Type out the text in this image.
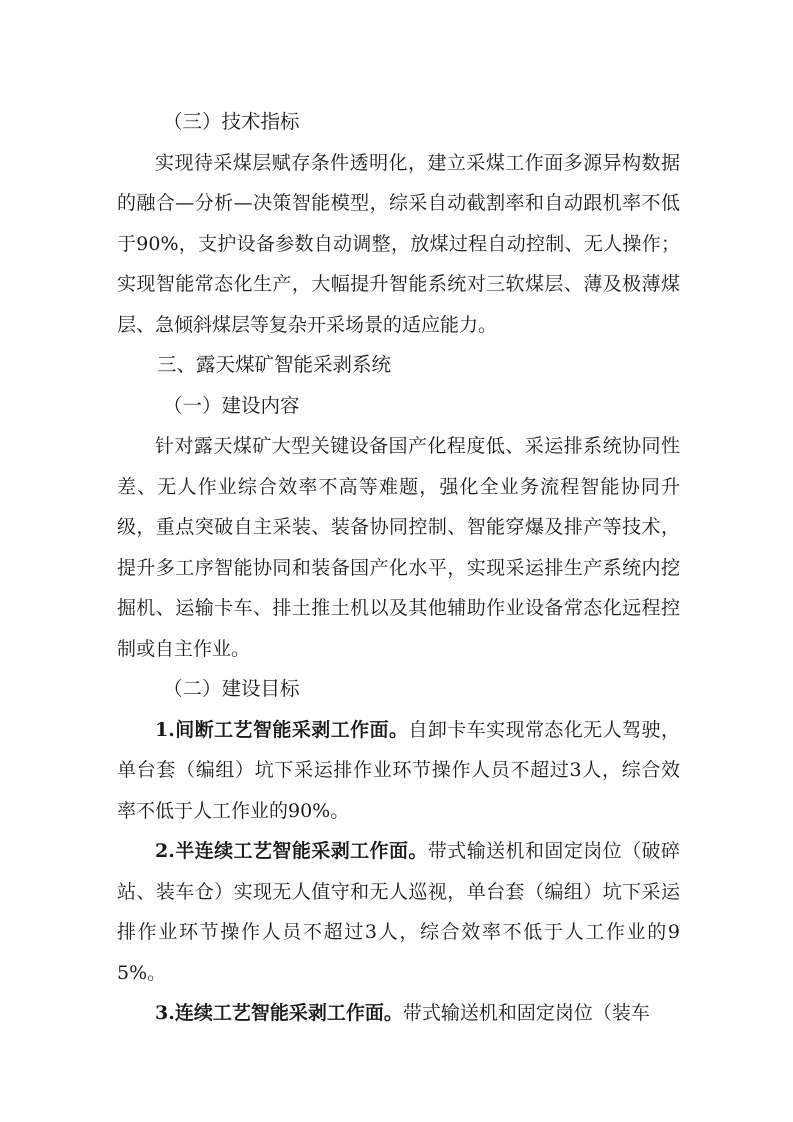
（三）技术指标

实现待采煤层赋存条件透明化，建立采煤工作面多源异构数据的融合—分析—决策智能模型，综采自动截割率和自动跟机率不低于90%，支护设备参数自动调整，放煤过程自动控制、无人操作；实现智能常态化生产，大幅提升智能系统对三软煤层、薄及极薄煤层、急倾斜煤层等复杂开采场景的适应能力。

三、露天煤矿智能采剥系统

（一）建设内容

针对露天煤矿大型关键设备国产化程度低、采运排系统协同性差、无人作业综合效率不高等难题，强化全业务流程智能协同升级，重点突破自主采装、装备协同控制、智能穿爆及排产等技术，提升多工序智能协同和装备国产化水平，实现采运排生产系统内挖掘机、运输卡车、排土推土机以及其他辅助作业设备常态化远程控制或自主作业。

（二）建设目标

1.间断工艺智能采剥工作面。自卸卡车实现常态化无人驾驶，单台套（编组）坑下采运排作业环节操作人员不超过3人，综合效率不低于人工作业的90%。

2.半连续工艺智能采剥工作面。带式输送机和固定岗位（破碎站、装车仓）实现无人值守和无人巡视，单台套（编组）坑下采运排作业环节操作人员不超过3人，综合效率不低于人工作业的95%。

3.连续工艺智能采剥工作面。带式输送机和固定岗位（装车
